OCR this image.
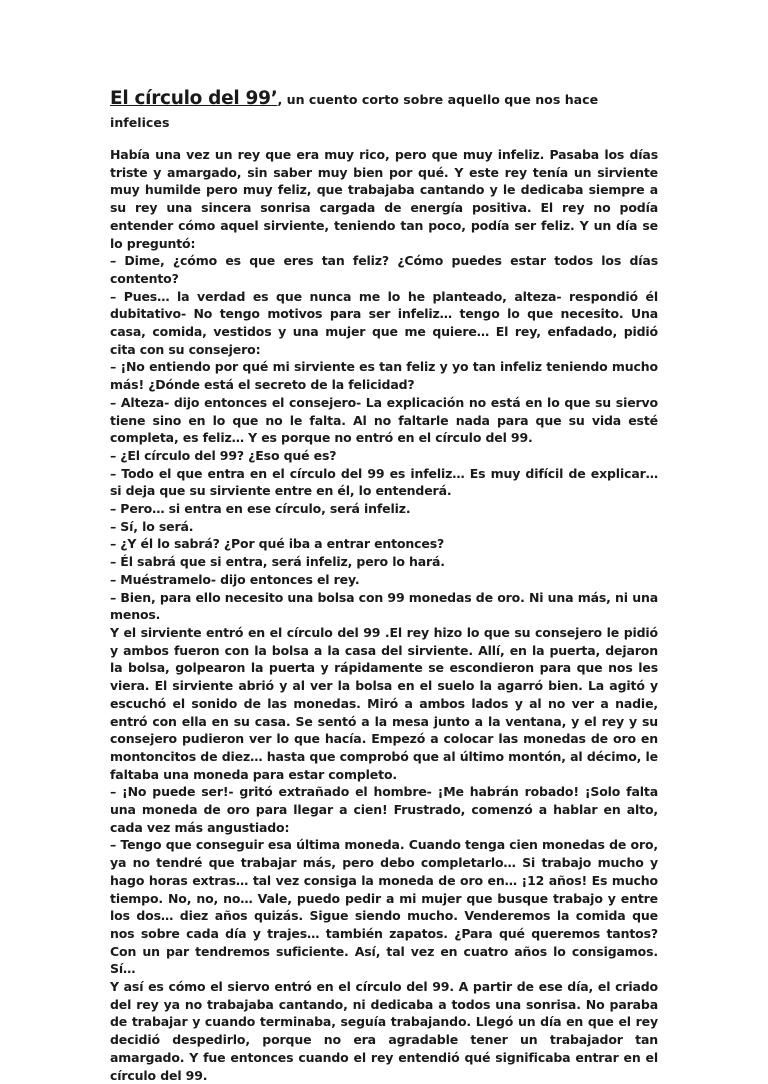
El círculo del 99’, un cuento corto sobre aquello que nos hace infelices

Había una vez un rey que era muy rico, pero que muy infeliz. Pasaba los días triste y amargado, sin saber muy bien por qué. Y este rey tenía un sirviente muy humilde pero muy feliz, que trabajaba cantando y le dedicaba siempre a su rey una sincera sonrisa cargada de energía positiva. El rey no podía entender cómo aquel sirviente, teniendo tan poco, podía ser feliz. Y un día se lo preguntó:

– Dime, ¿cómo es que eres tan feliz? ¿Cómo puedes estar todos los días contento?

– Pues… la verdad es que nunca me lo he planteado, alteza- respondió él dubitativo- No tengo motivos para ser infeliz… tengo lo que necesito. Una casa, comida, vestidos y una mujer que me quiere… El rey, enfadado, pidió cita con su consejero:

– ¡No entiendo por qué mi sirviente es tan feliz y yo tan infeliz teniendo mucho más! ¿Dónde está el secreto de la felicidad?

– Alteza- dijo entonces el consejero- La explicación no está en lo que su siervo tiene sino en lo que no le falta. Al no faltarle nada para que su vida esté completa, es feliz… Y es porque no entró en el círculo del 99.

– ¿El círculo del 99? ¿Eso qué es?

– Todo el que entra en el círculo del 99 es infeliz… Es muy difícil de explicar… si deja que su sirviente entre en él, lo entenderá.

– Pero… si entra en ese círculo, será infeliz.

– Sí, lo será.

– ¿Y él lo sabrá? ¿Por qué iba a entrar entonces?

– Él sabrá que si entra, será infeliz, pero lo hará.

– Muéstramelo- dijo entonces el rey.

– Bien, para ello necesito una bolsa con 99 monedas de oro. Ni una más, ni una menos.

Y el sirviente entró en el círculo del 99 .El rey hizo lo que su consejero le pidió y ambos fueron con la bolsa a la casa del sirviente. Allí, en la puerta, dejaron la bolsa, golpearon la puerta y rápidamente se escondieron para que nos les viera. El sirviente abrió y al ver la bolsa en el suelo la agarró bien. La agitó y escuchó el sonido de las monedas. Miró a ambos lados y al no ver a nadie, entró con ella en su casa. Se sentó a la mesa junto a la ventana, y el rey y su consejero pudieron ver lo que hacía. Empezó a colocar las monedas de oro en montoncitos de diez… hasta que comprobó que al último montón, al décimo, le faltaba una moneda para estar completo.

– ¡No puede ser!- gritó extrañado el hombre- ¡Me habrán robado! ¡Solo falta una moneda de oro para llegar a cien! Frustrado, comenzó a hablar en alto, cada vez más angustiado:

– Tengo que conseguir esa última moneda. Cuando tenga cien monedas de oro, ya no tendré que trabajar más, pero debo completarlo… Si trabajo mucho y hago horas extras… tal vez consiga la moneda de oro en… ¡12 años! Es mucho tiempo. No, no, no… Vale, puedo pedir a mi mujer que busque trabajo y entre los dos… diez años quizás. Sigue siendo mucho. Venderemos la comida que nos sobre cada día y trajes… también zapatos. ¿Para qué queremos tantos? Con un par tendremos suficiente. Así, tal vez en cuatro años lo consigamos. Sí…

Y así es cómo el siervo entró en el círculo del 99. A partir de ese día, el criado del rey ya no trabajaba cantando, ni dedicaba a todos una sonrisa. No paraba de trabajar y cuando terminaba, seguía trabajando. Llegó un día en que el rey decidió despedirlo, porque no era agradable tener un trabajador tan amargado. Y fue entonces cuando el rey entendió qué significaba entrar en el círculo del 99.
